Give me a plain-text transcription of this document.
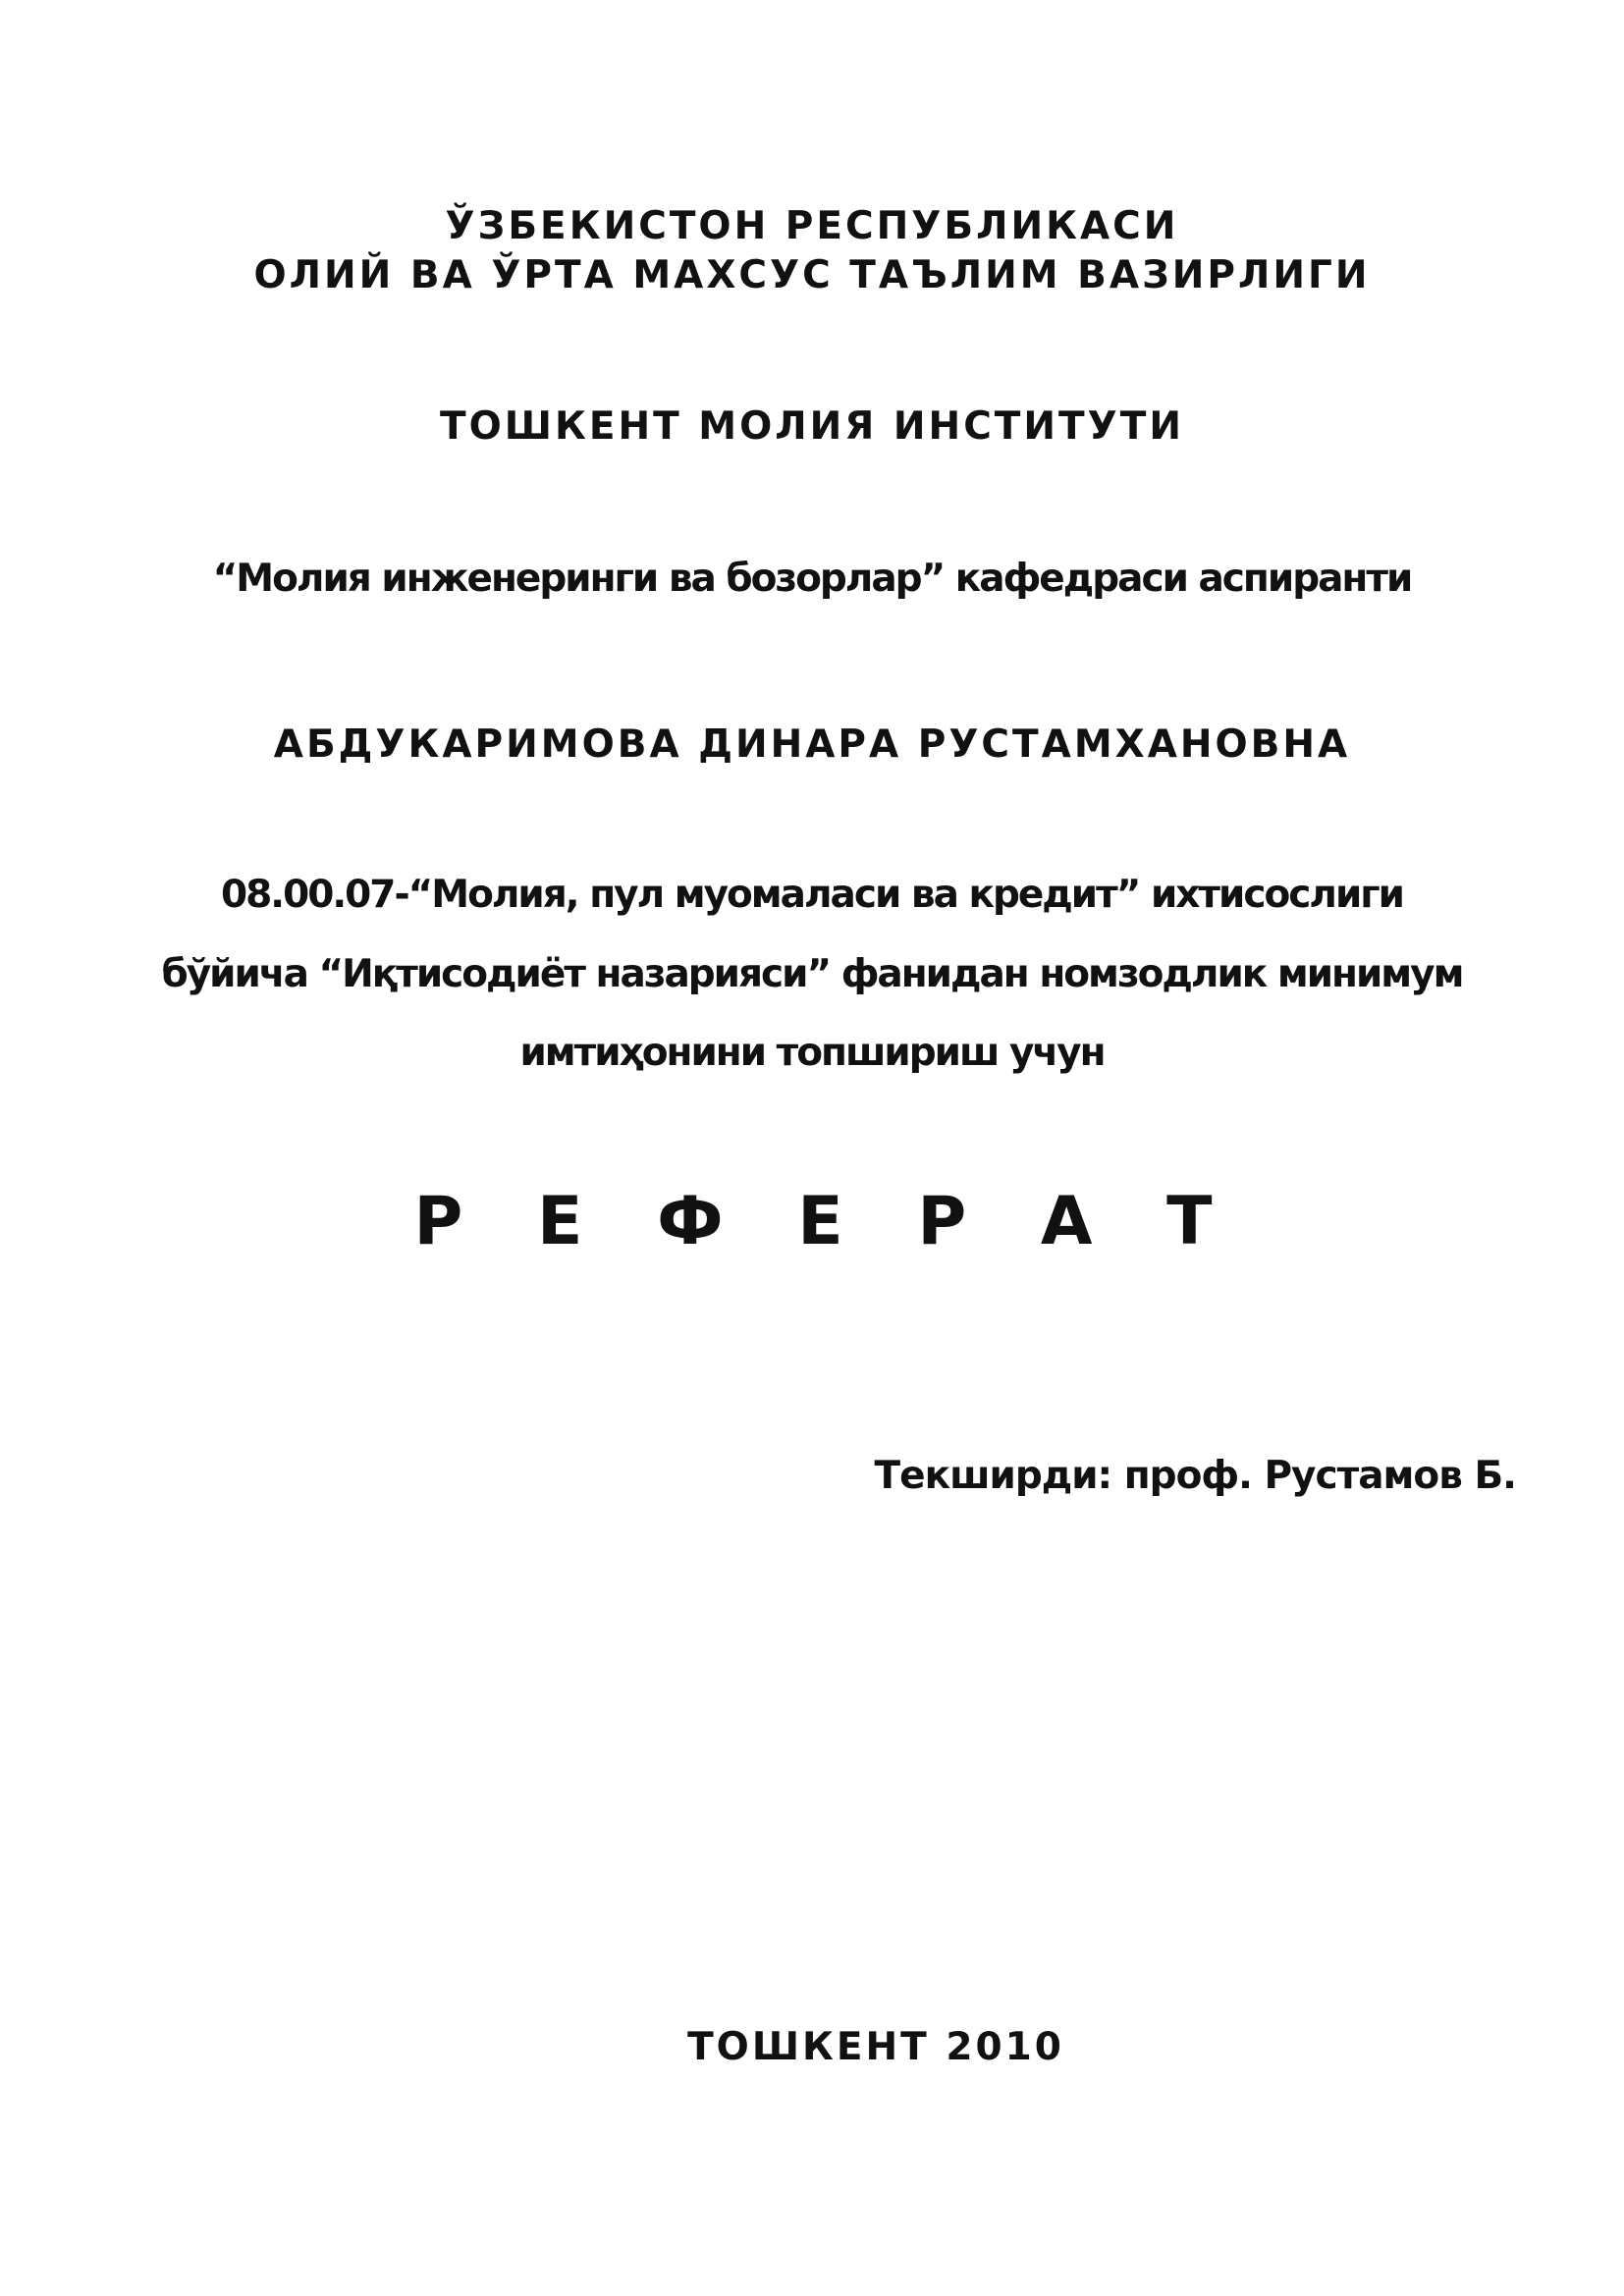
ЎЗБЕКИСТОН РЕСПУБЛИКАСИ

ОЛИЙ ВА ЎРТА МАХСУС ТАЪЛИМ ВАЗИРЛИГИ

ТОШКЕНТ МОЛИЯ ИНСТИТУТИ

“Молия инженеринги ва бозорлар” кафедраси аспиранти

АБДУКАРИМОВА ДИНАРА РУСТАМХАНОВНА

08.00.07-“Молия, пул муомаласи ва кредит” ихтисослиги

бўйича “Иқтисодиёт назарияси” фанидан номзодлик минимум

имтиҳонини топшириш учун

Р Е Ф Е Р А Т

Текширди: проф. Рустамов Б.

ТОШКЕНТ 2010
